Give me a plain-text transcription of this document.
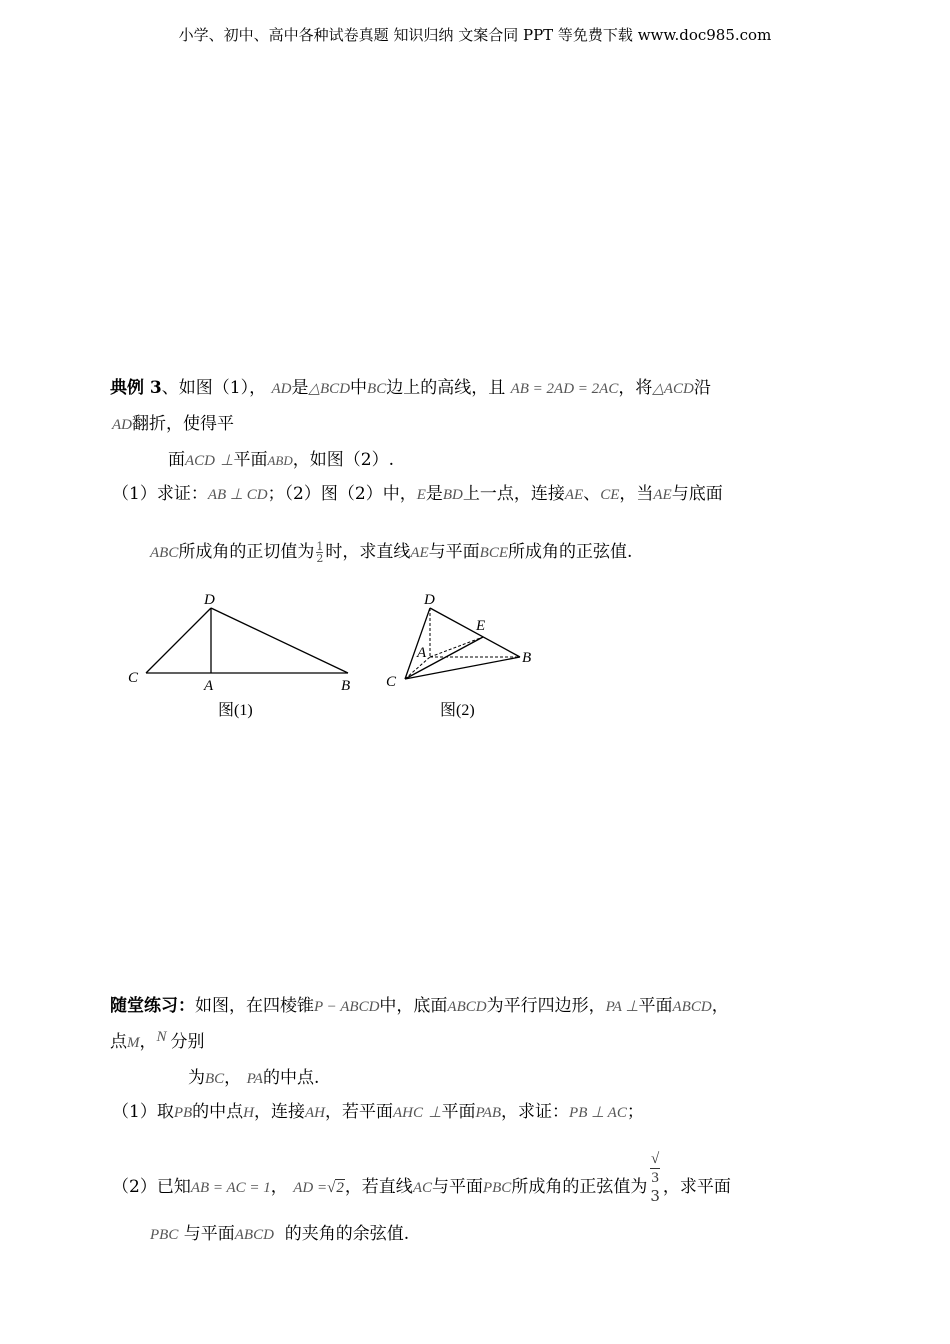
小学、初中、高中各种试卷真题 知识归纳 文案合同 PPT 等免费下载 www.doc985.com
典例 3、如图（1）， AD是△BCD中BC边上的高线，且 AB = 2AD = 2AC，将△ACD沿
AD翻折，使得平
面ACD ⊥平面ABD，如图（2）.
（1）求证：AB ⊥ CD；（2）图（2）中，E是BD上一点，连接AE、CE，当AE与底面
ABC所成角的正切值为 $\frac{1}{2}$ 时，求直线AE与平面BCE所成角的正弦值.
D
C	A	B
图(1)
D
E
A	B
C
图(2)
随堂练习：如图，在四棱锥P − ABCD中，底面ABCD为平行四边形，PA ⊥平面ABCD，
点M，N 分别
为BC， PA的中点.
（1）取PB的中点H，连接AH，若平面AHC ⊥平面PAB，求证：PB ⊥ AC；
（2）已知AB = AC = 1， AD =√2，若直线AC与平面PBC所成角的正弦值为
√
3
3 ，求平面
PBC 与平面ABCD 的夹角的余弦值.
